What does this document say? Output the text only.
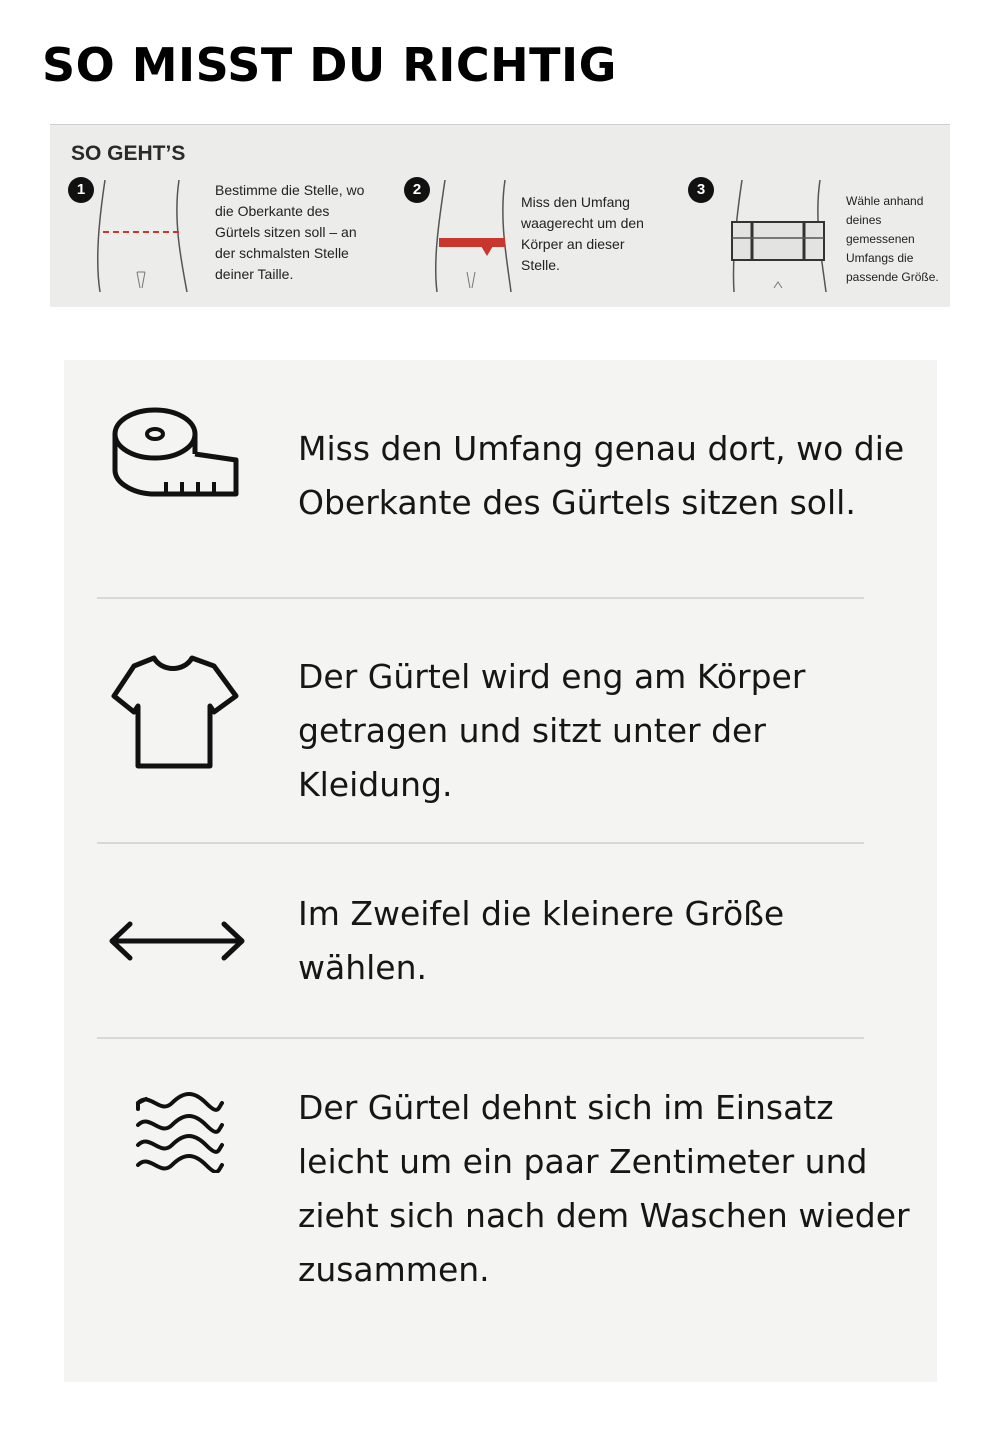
SO MISST DU RICHTIG
SO GEHT’S
1	Bestimme die Stelle, wo die Oberkante des Gürtels sitzen soll – an der schmalsten Stelle deiner Taille.
2
Miss den Umfang waagerecht um den Körper an dieser Stelle.
3
Wähle anhand deines gemessenen Umfangs die passende Größe.
Miss den Umfang genau dort, wo die Oberkante des Gürtels sitzen soll.
Der Gürtel wird eng am Körper getragen und sitzt unter der Kleidung.
Im Zweifel die kleinere Größe wählen.
Der Gürtel dehnt sich im Einsatz leicht um ein paar Zentimeter und zieht sich nach dem Waschen wieder zusammen.
